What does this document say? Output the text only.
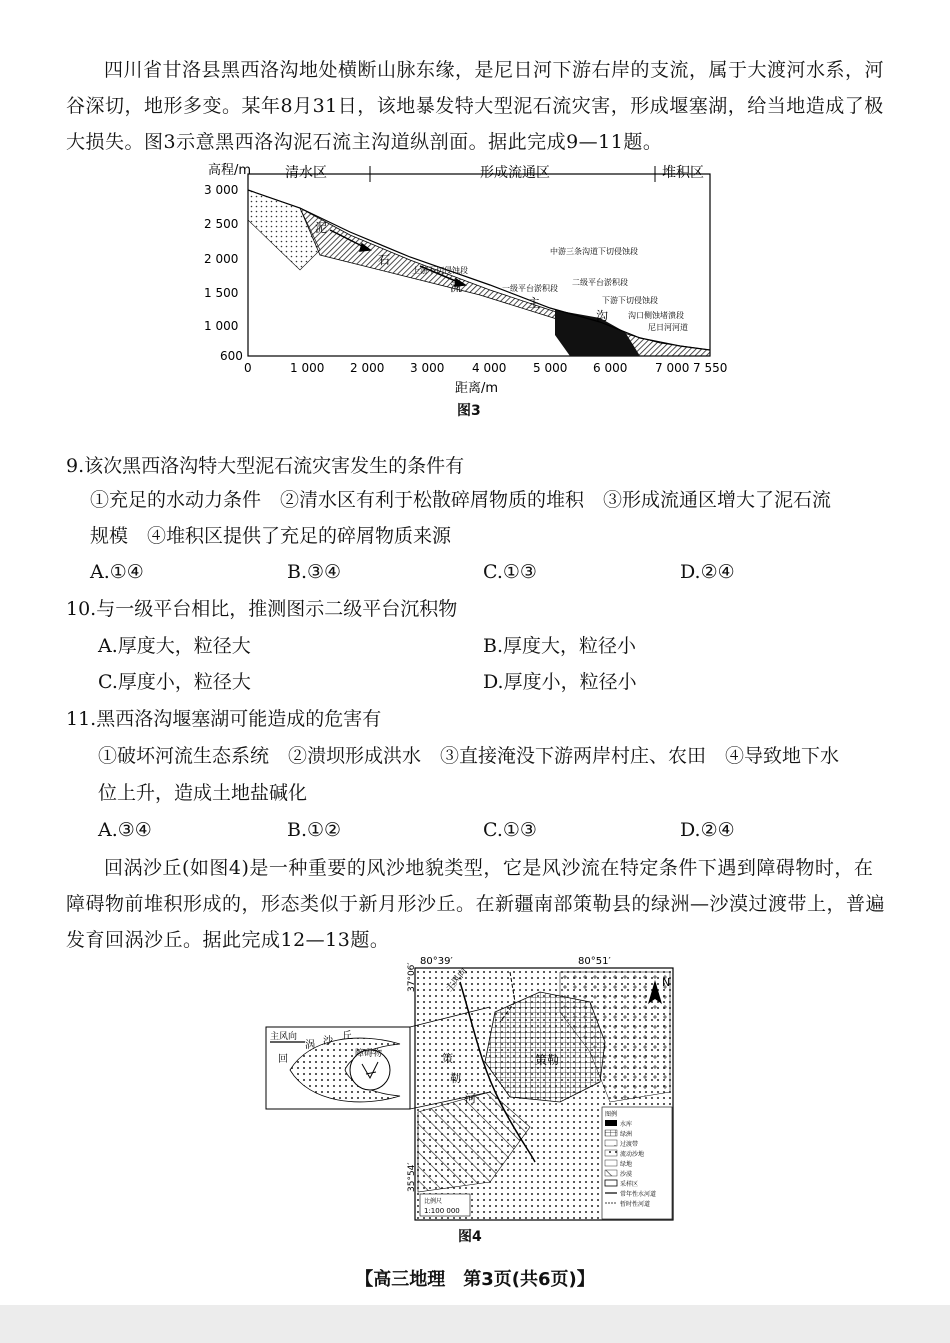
四川省甘洛县黑西洛沟地处横断山脉东缘，是尼日河下游右岸的支流，属于大渡河水系，河谷深切，地形多变。某年8月31日，该地暴发特大型泥石流灾害，形成堰塞湖，给当地造成了极大损失。图3示意黑西洛沟泥石流主沟道纵剖面。据此完成9—11题。

高程/m 清水区	形成流通区	堆积区
3 000
2 500
2 000
1 500
1 000
600
0	1 000 2 000 3 000 4 000 5 000 6 000 7 000 7 550
距离/m
泥
石
流
主
沟
上游下切侵蚀段
一级平台淤积段
中游三条沟道下切侵蚀段
二级平台淤积段
下游下切侵蚀段
沟口侧蚀堵溃段
尼日河河道
图3

9.该次黑西洛沟特大型泥石流灾害发生的条件有

①充足的水动力条件　②清水区有利于松散碎屑物质的堆积　③形成流通区增大了泥石流

规模　④堆积区提供了充足的碎屑物质来源

A.①④	B.③④	C.①③	D.②④

10.与一级平台相比，推测图示二级平台沉积物

A.厚度大，粒径大	B.厚度大，粒径小

C.厚度小，粒径大	D.厚度小，粒径小

11.黑西洛沟堰塞湖可能造成的危害有

①破坏河流生态系统　②溃坝形成洪水　③直接淹没下游两岸村庄、农田　④导致地下水

位上升，造成土地盐碱化

A.③④	B.①②	C.①③	D.②④

回涡沙丘(如图4)是一种重要的风沙地貌类型，它是风沙流在特定条件下遇到障碍物时，在障碍物前堆积形成的，形态类似于新月形沙丘。在新疆南部策勒县的绿洲—沙漠过渡带上，普遍发育回涡沙丘。据此完成12—13题。

主风向
回
涡 沙 丘
障碍物
80°39′	80°51′
37°06′
35°54′
N
主风向
策
勒
河
策勒
图例
水库
绿洲
过渡带
流动沙地
绿地
沙漠
采样区
常年性水河道
暂时性河道
比例尺
1:100 000
图4
【高三地理　第3页(共6页)】
